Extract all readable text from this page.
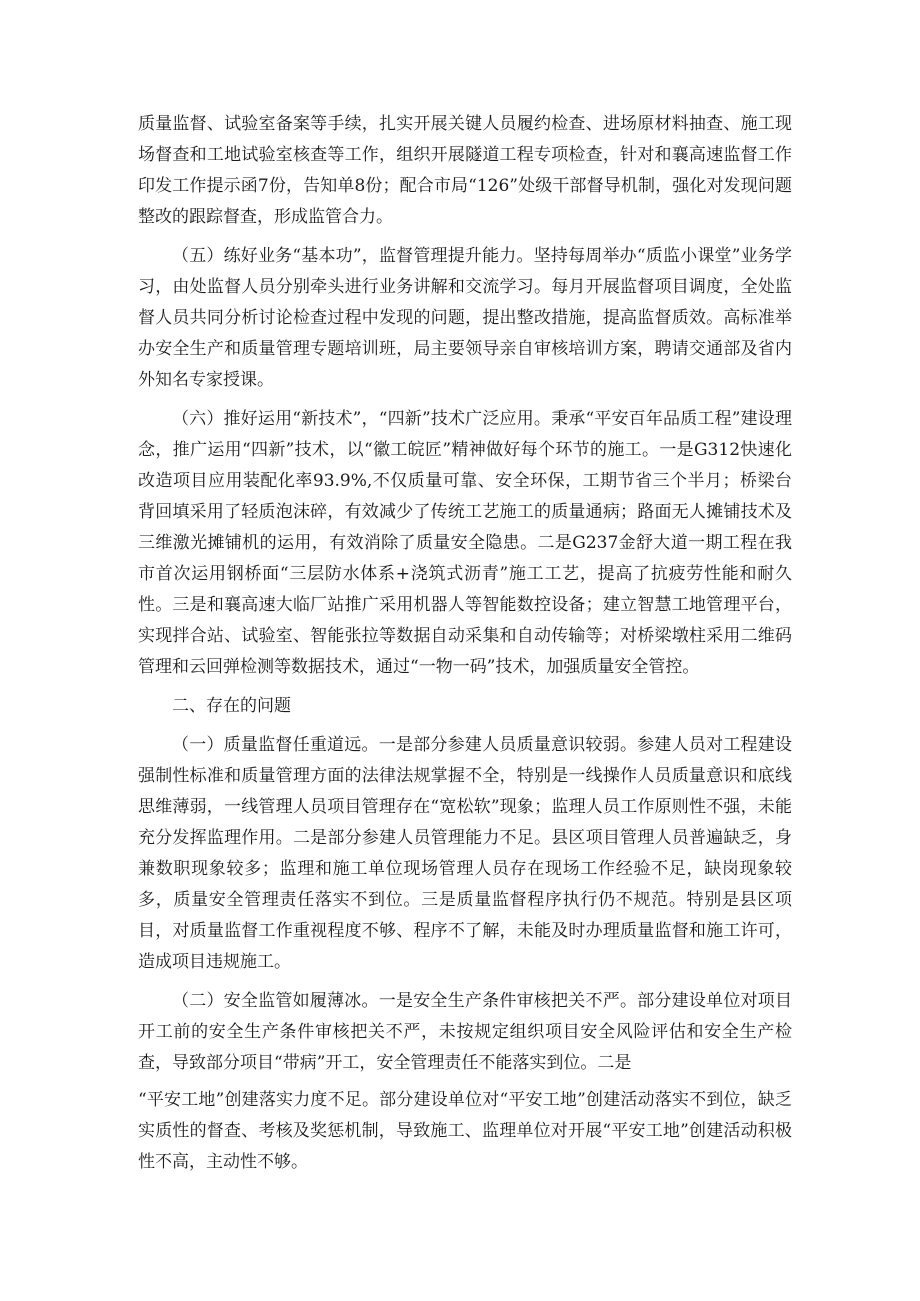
质量监督、试验室备案等手续，扎实开展关键人员履约检查、进场原材料抽查、施工现场督查和工地试验室核查等工作，组织开展隧道工程专项检查，针对和襄高速监督工作印发工作提示函7份，告知单8份；配合市局“126”处级干部督导机制，强化对发现问题整改的跟踪督查，形成监管合力。

（五）练好业务“基本功”，监督管理提升能力。坚持每周举办“质监小课堂”业务学习，由处监督人员分别牵头进行业务讲解和交流学习。每月开展监督项目调度，全处监督人员共同分析讨论检查过程中发现的问题，提出整改措施，提高监督质效。高标准举办安全生产和质量管理专题培训班，局主要领导亲自审核培训方案，聘请交通部及省内外知名专家授课。

（六）推好运用“新技术”，“四新”技术广泛应用。秉承“平安百年品质工程”建设理念，推广运用“四新”技术，以“徽工皖匠”精神做好每个环节的施工。一是G312快速化改造项目应用装配化率93.9%,不仅质量可靠、安全环保，工期节省三个半月；桥梁台背回填采用了轻质泡沫碎，有效减少了传统工艺施工的质量通病；路面无人摊铺技术及三维激光摊铺机的运用，有效消除了质量安全隐患。二是G237金舒大道一期工程在我市首次运用钢桥面“三层防水体系+浇筑式沥青”施工工艺，提高了抗疲劳性能和耐久性。三是和襄高速大临厂站推广采用机器人等智能数控设备；建立智慧工地管理平台，实现拌合站、试验室、智能张拉等数据自动采集和自动传输等；对桥梁墩柱采用二维码管理和云回弹检测等数据技术，通过“一物一码”技术，加强质量安全管控。

二、存在的问题

（一）质量监督任重道远。一是部分参建人员质量意识较弱。参建人员对工程建设强制性标准和质量管理方面的法律法规掌握不全，特别是一线操作人员质量意识和底线思维薄弱，一线管理人员项目管理存在“宽松软”现象；监理人员工作原则性不强，未能充分发挥监理作用。二是部分参建人员管理能力不足。县区项目管理人员普遍缺乏，身兼数职现象较多；监理和施工单位现场管理人员存在现场工作经验不足，缺岗现象较多，质量安全管理责任落实不到位。三是质量监督程序执行仍不规范。特别是县区项目，对质量监督工作重视程度不够、程序不了解，未能及时办理质量监督和施工许可，造成项目违规施工。

（二）安全监管如履薄冰。一是安全生产条件审核把关不严。部分建设单位对项目开工前的安全生产条件审核把关不严，未按规定组织项目安全风险评估和安全生产检查，导致部分项目“带病”开工，安全管理责任不能落实到位。二是

“平安工地”创建落实力度不足。部分建设单位对“平安工地”创建活动落实不到位，缺乏实质性的督查、考核及奖惩机制，导致施工、监理单位对开展“平安工地”创建活动积极性不高，主动性不够。
